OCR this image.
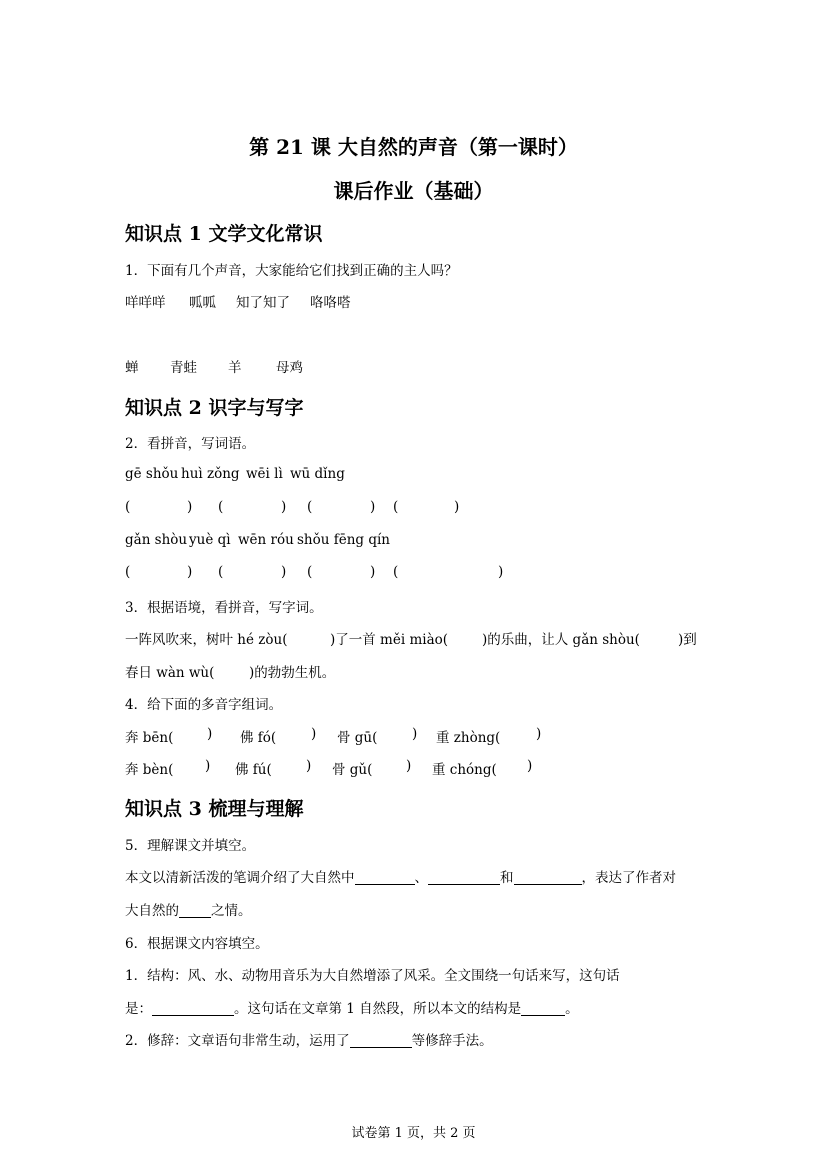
第 21 课 大自然的声音（第一课时）
课后作业（基础）
知识点 1 文学文化常识
1．下面有几个声音，大家能给它们找到正确的主人吗？
咩咩咩 呱呱 知了知了 咯咯嗒
蝉 青蛙 羊	母鸡
知识点 2 识字与写字
2．看拼音，写词语。
gē shǒu huì zǒng wēi lì wū dǐng
(	) (	) (	) (	)
gǎn shòu yuè qì wēn róu shǒu fēng qín
(	) (	) (	) (	)
3．根据语境，看拼音，写字词。
一阵风吹来，树叶 hé zòu(	)了一首 měi miào(	)的乐曲，让人 gǎn shòu(	)到
春日 wàn wù(	)的勃勃生机。
4．给下面的多音字组词。
奔 bēn( ) 佛 fó(	) 骨 gū(	) 重 zhòng(	)
奔 bèn( ) 佛 fú(	) 骨 gǔ( ) 重 chóng( )
知识点 3 梳理与理解
5．理解课文并填空。
本文以清新活泼的笔调介绍了大自然中	、	和	，表达了作者对
大自然的 之情。
6．根据课文内容填空。
1．结构：风、水、动物用音乐为大自然增添了风采。全文围绕一句话来写，这句话
是：	。这句话在文章第 1 自然段，所以本文的结构是	。
2．修辞：文章语句非常生动，运用了	等修辞手法。
试卷第 1 页，共 2 页
